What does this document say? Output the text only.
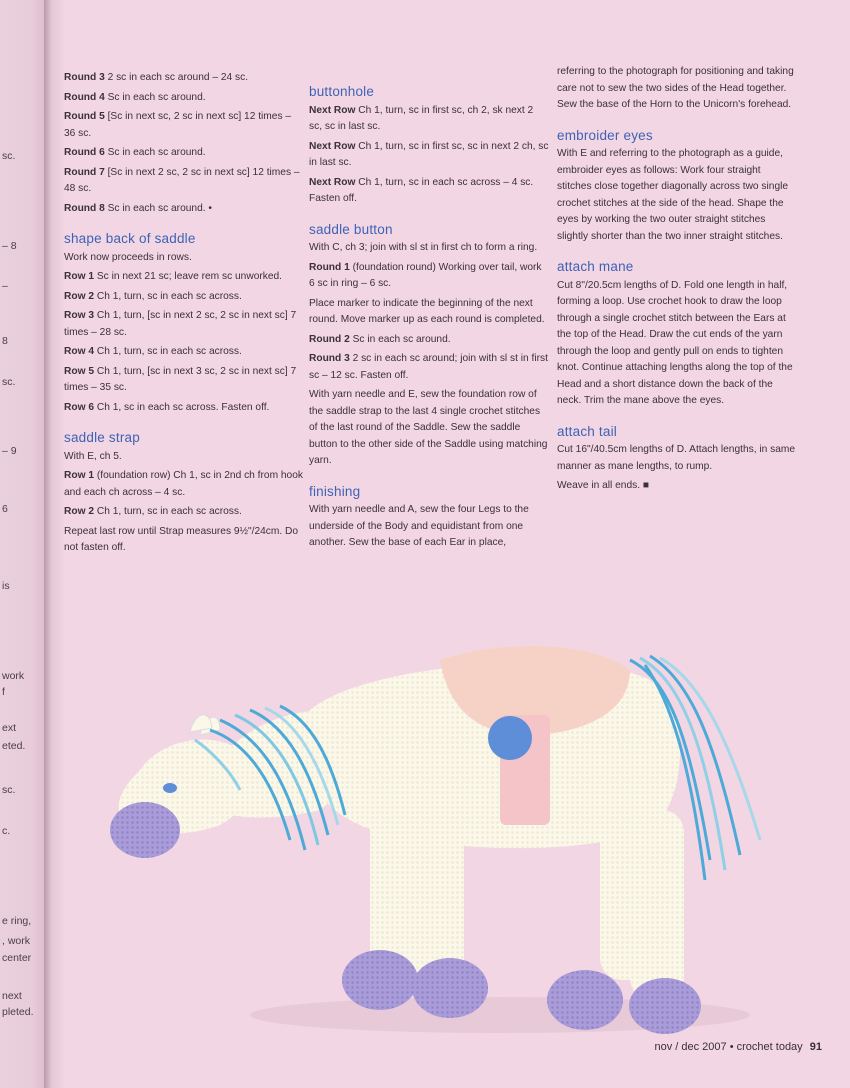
sc.
– 8
–
8
sc.
– 9
6
is
work
f
ext
eted.
sc.
c.
e ring,
, work
center
next
pleted.

Round 3 2 sc in each sc around – 24 sc.

Round 4 Sc in each sc around.

Round 5 [Sc in next sc, 2 sc in next sc] 12 times – 36 sc.

Round 6 Sc in each sc around.

Round 7 [Sc in next 2 sc, 2 sc in next sc] 12 times – 48 sc.

Round 8 Sc in each sc around. •

shape back of saddle

Work now proceeds in rows.

Row 1 Sc in next 21 sc; leave rem sc unworked.

Row 2 Ch 1, turn, sc in each sc across.

Row 3 Ch 1, turn, [sc in next 2 sc, 2 sc in next sc] 7 times – 28 sc.

Row 4 Ch 1, turn, sc in each sc across.

Row 5 Ch 1, turn, [sc in next 3 sc, 2 sc in next sc] 7 times – 35 sc.

Row 6 Ch 1, sc in each sc across. Fasten off.

saddle strap

With E, ch 5.

Row 1 (foundation row) Ch 1, sc in 2nd ch from hook and each ch across – 4 sc.

Row 2 Ch 1, turn, sc in each sc across.

Repeat last row until Strap measures 9½"/24cm. Do not fasten off.

buttonhole

Next Row Ch 1, turn, sc in first sc, ch 2, sk next 2 sc, sc in last sc.

Next Row Ch 1, turn, sc in first sc, sc in next 2 ch, sc in last sc.

Next Row Ch 1, turn, sc in each sc across – 4 sc. Fasten off.

saddle button

With C, ch 3; join with sl st in first ch to form a ring.

Round 1 (foundation round) Working over tail, work 6 sc in ring – 6 sc.

Place marker to indicate the beginning of the next round. Move marker up as each round is completed.

Round 2 Sc in each sc around.

Round 3 2 sc in each sc around; join with sl st in first sc – 12 sc. Fasten off.

With yarn needle and E, sew the foundation row of the saddle strap to the last 4 single crochet stitches of the last round of the Saddle. Sew the saddle button to the other side of the Saddle using matching yarn.

finishing

With yarn needle and A, sew the four Legs to the underside of the Body and equidistant from one another. Sew the base of each Ear in place,

referring to the photograph for positioning and taking care not to sew the two sides of the Head together. Sew the base of the Horn to the Unicorn's forehead.

embroider eyes

With E and referring to the photograph as a guide, embroider eyes as follows: Work four straight stitches close together diagonally across two single crochet stitches at the side of the head. Shape the eyes by working the two outer straight stitches slightly shorter than the two inner straight stitches.

attach mane

Cut 8"/20.5cm lengths of D. Fold one length in half, forming a loop. Use crochet hook to draw the loop through a single crochet stitch between the Ears at the top of the Head. Draw the cut ends of the yarn through the loop and gently pull on ends to tighten knot. Continue attaching lengths along the top of the Head and a short distance down the back of the neck. Trim the mane above the eyes.

attach tail

Cut 16"/40.5cm lengths of D. Attach lengths, in same manner as mane lengths, to rump.

Weave in all ends. ■

nov / dec 2007 • crochet today 91
